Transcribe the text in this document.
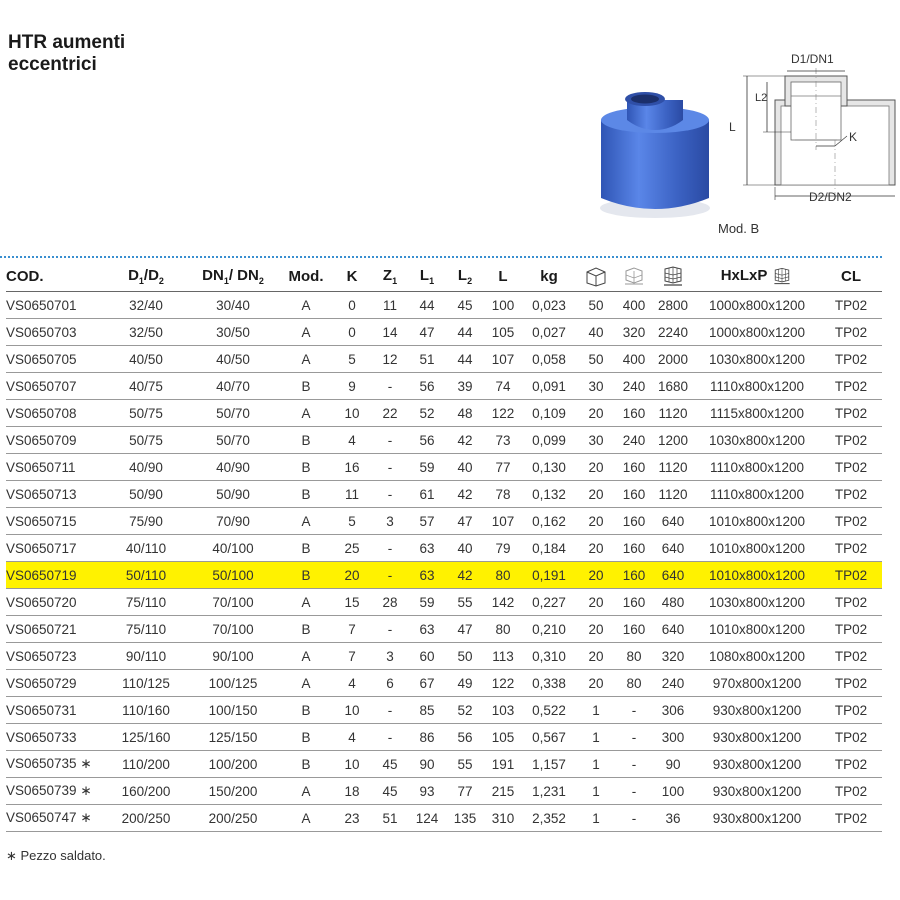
HTR aumenti
eccentrici	D1/DN1
D2/DN2
L
L2
K
Mod. B
COD.	$D_1/D_2$	$DN_1/$ $DN_2$	Mod.	K	$Z_1$	$L_1$	$L_2$	L	kg				HxLxP	CL
VS0650701	32/40	30/40	A	0	11	44	45	100	0,023	50	400	2800	1000x800x1200	TP02
VS0650703	32/50	30/50	A	0	14	47	44	105	0,027	40	320	2240	1000x800x1200	TP02
VS0650705	40/50	40/50	A	5	12	51	44	107	0,058	50	400	2000	1030x800x1200	TP02
VS0650707	40/75	40/70	B	9	-	56	39	74	0,091	30	240	1680	1110x800x1200	TP02
VS0650708	50/75	50/70	A	10	22	52	48	122	0,109	20	160	1120	1115x800x1200	TP02
VS0650709	50/75	50/70	B	4	-	56	42	73	0,099	30	240	1200	1030x800x1200	TP02
VS0650711	40/90	40/90	B	16	-	59	40	77	0,130	20	160	1120	1110x800x1200	TP02
VS0650713	50/90	50/90	B	11	-	61	42	78	0,132	20	160	1120	1110x800x1200	TP02
VS0650715	75/90	70/90	A	5	3	57	47	107	0,162	20	160	640	1010x800x1200	TP02
VS0650717	40/110	40/100	B	25	-	63	40	79	0,184	20	160	640	1010x800x1200	TP02
VS0650719	50/110	50/100	B	20	-	63	42	80	0,191	20	160	640	1010x800x1200	TP02
VS0650720	75/110	70/100	A	15	28	59	55	142	0,227	20	160	480	1030x800x1200	TP02
VS0650721	75/110	70/100	B	7	-	63	47	80	0,210	20	160	640	1010x800x1200	TP02
VS0650723	90/110	90/100	A	7	3	60	50	113	0,310	20	80	320	1080x800x1200	TP02
VS0650729	110/125	100/125	A	4	6	67	49	122	0,338	20	80	240	970x800x1200	TP02
VS0650731	110/160	100/150	B	10	-	85	52	103	0,522	1	-	306	930x800x1200	TP02
VS0650733	125/160	125/150	B	4	-	86	56	105	0,567	1	-	300	930x800x1200	TP02
VS0650735 ∗	110/200	100/200	B	10	45	90	55	191	1,157	1	-	90	930x800x1200	TP02
VS0650739 ∗	160/200	150/200	A	18	45	93	77	215	1,231	1	-	100	930x800x1200	TP02
VS0650747 ∗	200/250	200/250	A	23	51	124	135	310	2,352	1	-	36	930x800x1200	TP02
∗ Pezzo saldato.
